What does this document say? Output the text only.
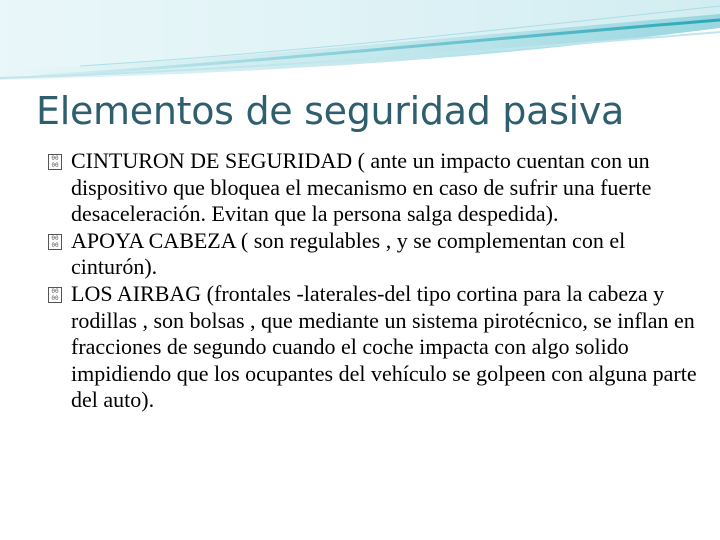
Elementos de seguridad pasiva

00
00 CINTURON DE SEGURIDAD ( ante un impacto cuentan con un dispositivo que bloquea el mecanismo en caso de sufrir una fuerte desaceleración. Evitan que la persona salga despedida).

00
00 APOYA CABEZA ( son regulables , y se complementan con el cinturón).

00
00 LOS AIRBAG (frontales -laterales-del tipo cortina para la cabeza y rodillas , son bolsas , que mediante un sistema pirotécnico, se inflan en fracciones de segundo cuando el coche impacta con algo solido impidiendo que los ocupantes del vehículo se golpeen con alguna parte del auto).
